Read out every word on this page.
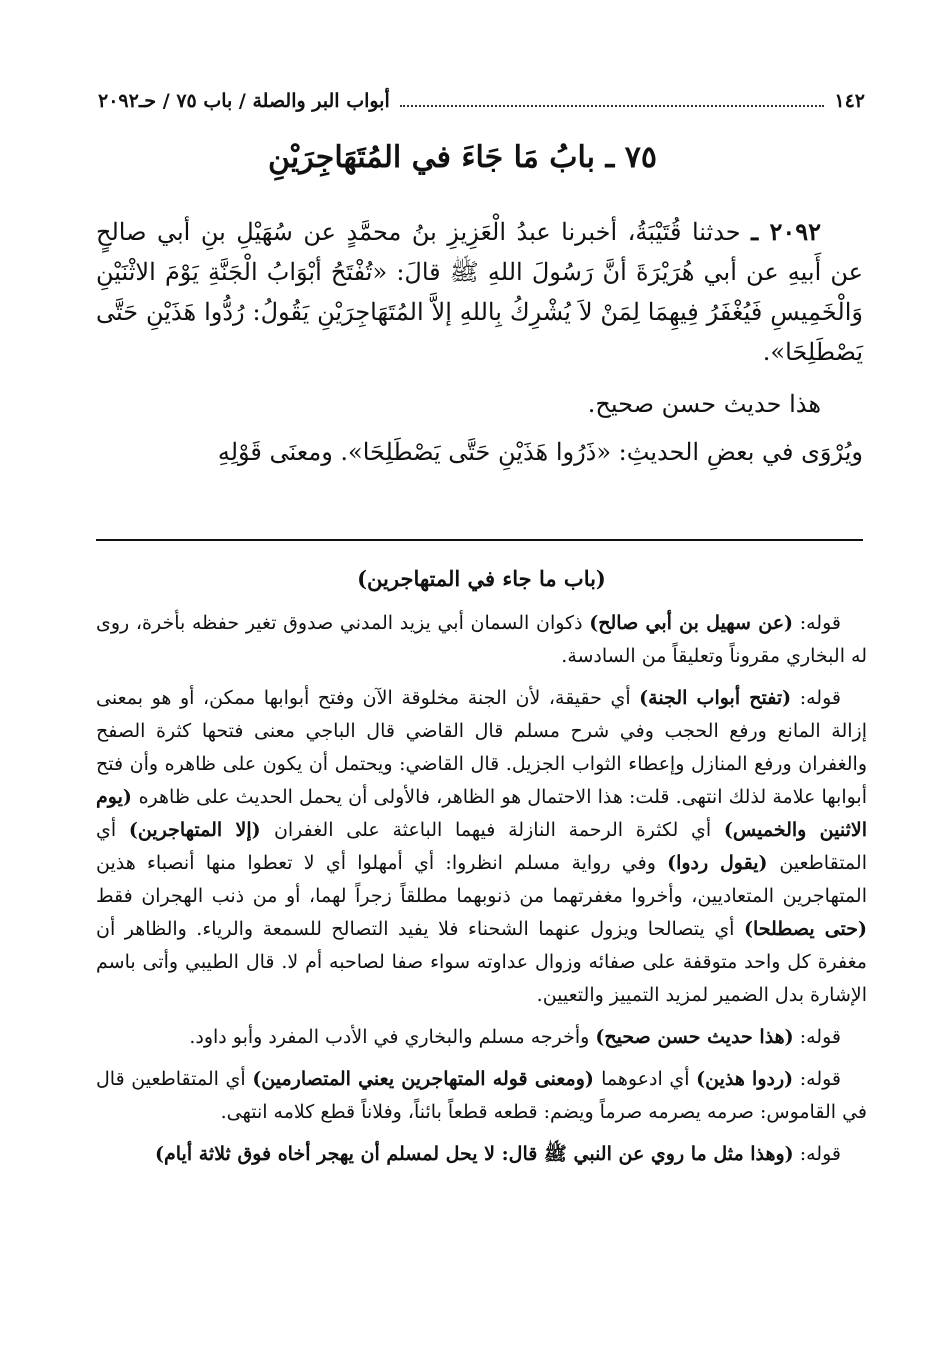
١٤٢
أبواب البر والصلة / باب ٧٥ / حـ٢٠٩٢
٧٥ ـ بابُ مَا جَاءَ في المُتَهَاجِرَيْنِ

٢٠٩٢ ـ حدثنا قُتَيْبَةُ، أخبرنا عبدُ الْعَزِيزِ بنُ محمَّدٍ عن سُهَيْلِ بنِ أبي صالحٍ عن أَبيهِ عن أبي هُرَيْرَةَ أنَّ رَسُولَ اللهِ ﷺ قالَ: «تُفْتَحُ أبْوَابُ الْجَنَّةِ يَوْمَ الاثْنَيْنِ وَالْخَمِيسِ فَيُغْفَرُ فِيهِمَا لِمَنْ لاَ يُشْرِكُ بِاللهِ إلاَّ المُتَهَاجِرَيْنِ يَقُولُ: رُدُّوا هَذَيْنِ حَتَّى يَصْطَلِحَا».

هذا حديث حسن صحيح.

ويُرْوَى في بعضِ الحديثِ: «ذَرُوا هَذَيْنِ حَتَّى يَصْطَلِحَا». ومعنَى قَوْلِهِ

(باب ما جاء في المتهاجرين)

قوله: (عن سهيل بن أبي صالح) ذكوان السمان أبي يزيد المدني صدوق تغير حفظه بأخرة، روى له البخاري مقروناً وتعليقاً من السادسة.

قوله: (تفتح أبواب الجنة) أي حقيقة، لأن الجنة مخلوقة الآن وفتح أبوابها ممكن، أو هو بمعنى إزالة المانع ورفع الحجب وفي شرح مسلم قال القاضي قال الباجي معنى فتحها كثرة الصفح والغفران ورفع المنازل وإعطاء الثواب الجزيل. قال القاضي: ويحتمل أن يكون على ظاهره وأن فتح أبوابها علامة لذلك انتهى. قلت: هذا الاحتمال هو الظاهر، فالأولى أن يحمل الحديث على ظاهره (يوم الاثنين والخميس) أي لكثرة الرحمة النازلة فيهما الباعثة على الغفران (إلا المتهاجرين) أي المتقاطعين (يقول ردوا) وفي رواية مسلم انظروا: أي أمهلوا أي لا تعطوا منها أنصباء هذين المتهاجرين المتعاديين، وأخروا مغفرتهما من ذنوبهما مطلقاً زجراً لهما، أو من ذنب الهجران فقط (حتى يصطلحا) أي يتصالحا ويزول عنهما الشحناء فلا يفيد التصالح للسمعة والرياء. والظاهر أن مغفرة كل واحد متوقفة على صفائه وزوال عداوته سواء صفا لصاحبه أم لا. قال الطيبي وأتى باسم الإشارة بدل الضمير لمزيد التمييز والتعيين.

قوله: (هذا حديث حسن صحيح) وأخرجه مسلم والبخاري في الأدب المفرد وأبو داود.

قوله: (ردوا هذين) أي ادعوهما (ومعنى قوله المتهاجرين يعني المتصارمين) أي المتقاطعين قال في القاموس: صرمه يصرمه صرماً ويضم: قطعه قطعاً بائناً، وفلاناً قطع كلامه انتهى.

قوله: (وهذا مثل ما روي عن النبي ﷺ قال: لا يحل لمسلم أن يهجر أخاه فوق ثلاثة أيام)
